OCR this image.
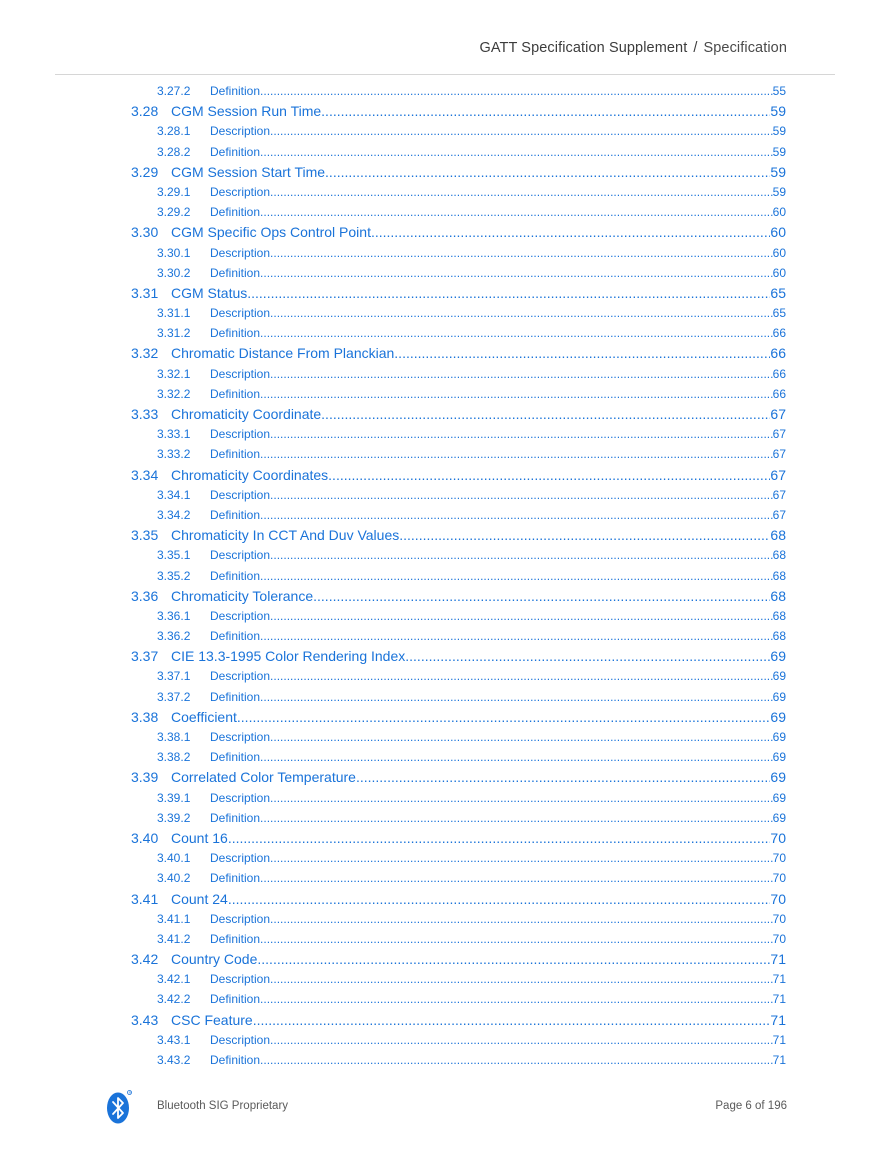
GATT Specification Supplement / Specification
3.27.2	Definition .....	55
3.28 CGM Session Run Time .....	59
3.28.1	Description .....	59
3.28.2	Definition .....	59
3.29 CGM Session Start Time .....	59
3.29.1	Description .....	59
3.29.2	Definition .....	60
3.30 CGM Specific Ops Control Point .....	60
3.30.1	Description .....	60
3.30.2	Definition .....	60
3.31 CGM Status .....	65
3.31.1	Description .....	65
3.31.2	Definition .....	66
3.32 Chromatic Distance From Planckian .....	66
3.32.1	Description .....	66
3.32.2	Definition .....	66
3.33 Chromaticity Coordinate .....	67
3.33.1	Description .....	67
3.33.2	Definition .....	67
3.34 Chromaticity Coordinates .....	67
3.34.1	Description .....	67
3.34.2	Definition .....	67
3.35 Chromaticity In CCT And Duv Values .....	68
3.35.1	Description .....	68
3.35.2	Definition .....	68
3.36 Chromaticity Tolerance .....	68
3.36.1	Description .....	68
3.36.2	Definition .....	68
3.37 CIE 13.3-1995 Color Rendering Index .....	69
3.37.1	Description .....	69
3.37.2	Definition .....	69
3.38 Coefficient .....	69
3.38.1	Description .....	69
3.38.2	Definition .....	69
3.39 Correlated Color Temperature .....	69
3.39.1	Description .....	69
3.39.2	Definition .....	69
3.40 Count 16 .....	70
3.40.1	Description .....	70
3.40.2	Definition .....	70
3.41 Count 24 .....	70
3.41.1	Description .....	70
3.41.2	Definition .....	70
3.42 Country Code .....	71
3.42.1	Description .....	71
3.42.2	Definition .....	71
3.43 CSC Feature .....	71
3.43.1	Description .....	71
3.43.2	Definition .....	71
R
Bluetooth SIG Proprietary	Page 6 of 196
